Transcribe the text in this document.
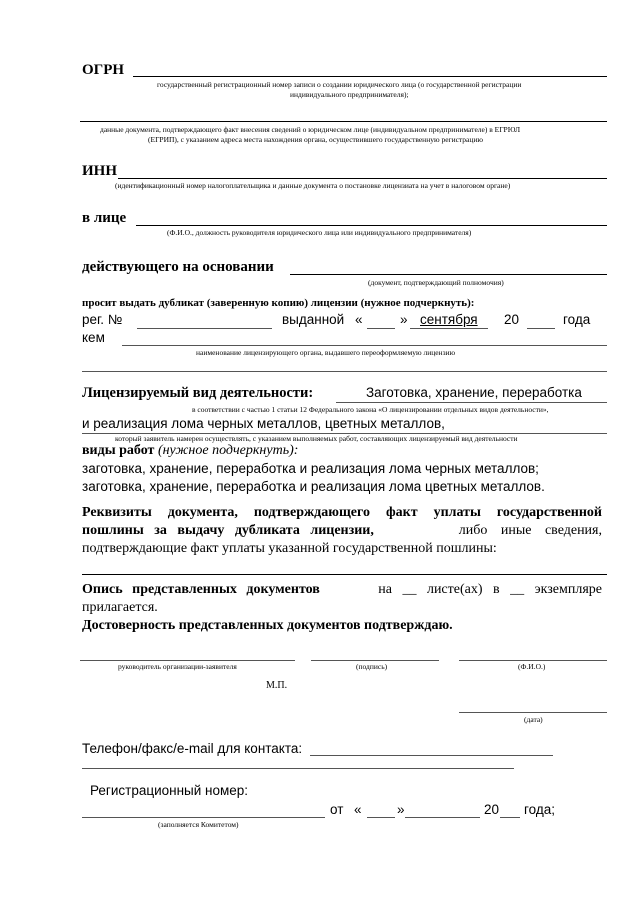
ОГРН
государственный регистрационный номер записи о создании юридического лица (о государственной регистрации
индивидуального предпринимателя);
данные документа, подтверждающего факт внесения сведений о юридическом лице (индивидуальном предпринимателе) в ЕГРЮЛ
(ЕГРИП), с указанием адреса места нахождения органа, осуществившего государственную регистрацию
ИНН
(идентификационный номер налогоплательщика и данные документа о постановке лицензиата на учет в налоговом органе)
в лице
(Ф.И.О., должность руководителя юридического лица или индивидуального предпринимателя)
действующего на основании
(документ, подтверждающий полномочия)
просит выдать дубликат (заверенную копию) лицензии (нужное подчеркнуть):
рег. №	выданной «	» сентября 20	года
кем
наименование лицензирующего органа, выдавшего переоформляемую лицензию
Лицензируемый вид деятельности:	Заготовка, хранение, переработка
в соответствии с частью 1 статьи 12 Федерального закона «О лицензировании отдельных видов деятельности»,
и реализация лома черных металлов, цветных металлов,
который заявитель намерен осуществлять, с указанием выполняемых работ, составляющих лицензируемый вид деятельности
виды работ (нужное подчеркнуть):
заготовка, хранение, переработка и реализация лома черных металлов;
заготовка, хранение, переработка и реализация лома цветных металлов.
Реквизиты документа, подтверждающего факт уплаты государственной
пошлины за выдачу дубликата лицензии,	либо иные сведения,
подтверждающие факт уплаты указанной государственной пошлины:
Опись представленных документов	на __ листе(ах) в __ экземпляре
прилагается.
Достоверность представленных документов подтверждаю.
руководитель организации-заявителя	(подпись)	(Ф.И.О.)
М.П.
(дата)
Телефон/факс/e-mail для контакта:
Регистрационный номер:
от «	»	20 года;
(заполняется Комитетом)
